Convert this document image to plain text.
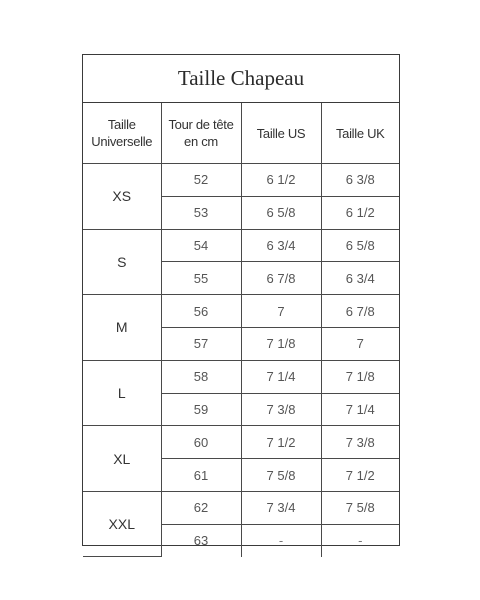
Taille Chapeau
Taille Universelle	Tour de tête en cm	Taille US	Taille UK
XS	52	6 1/2	6 3/8
	53	6 5/8	6 1/2
S	54	6 3/4	6 5/8
	55	6 7/8	6 3/4
M	56	7	6 7/8
	57	7 1/8	7
L	58	7 1/4	7 1/8
	59	7 3/8	7 1/4
XL	60	7 1/2	7 3/8
	61	7 5/8	7 1/2
XXL	62	7 3/4	7 5/8
	63	-	-
